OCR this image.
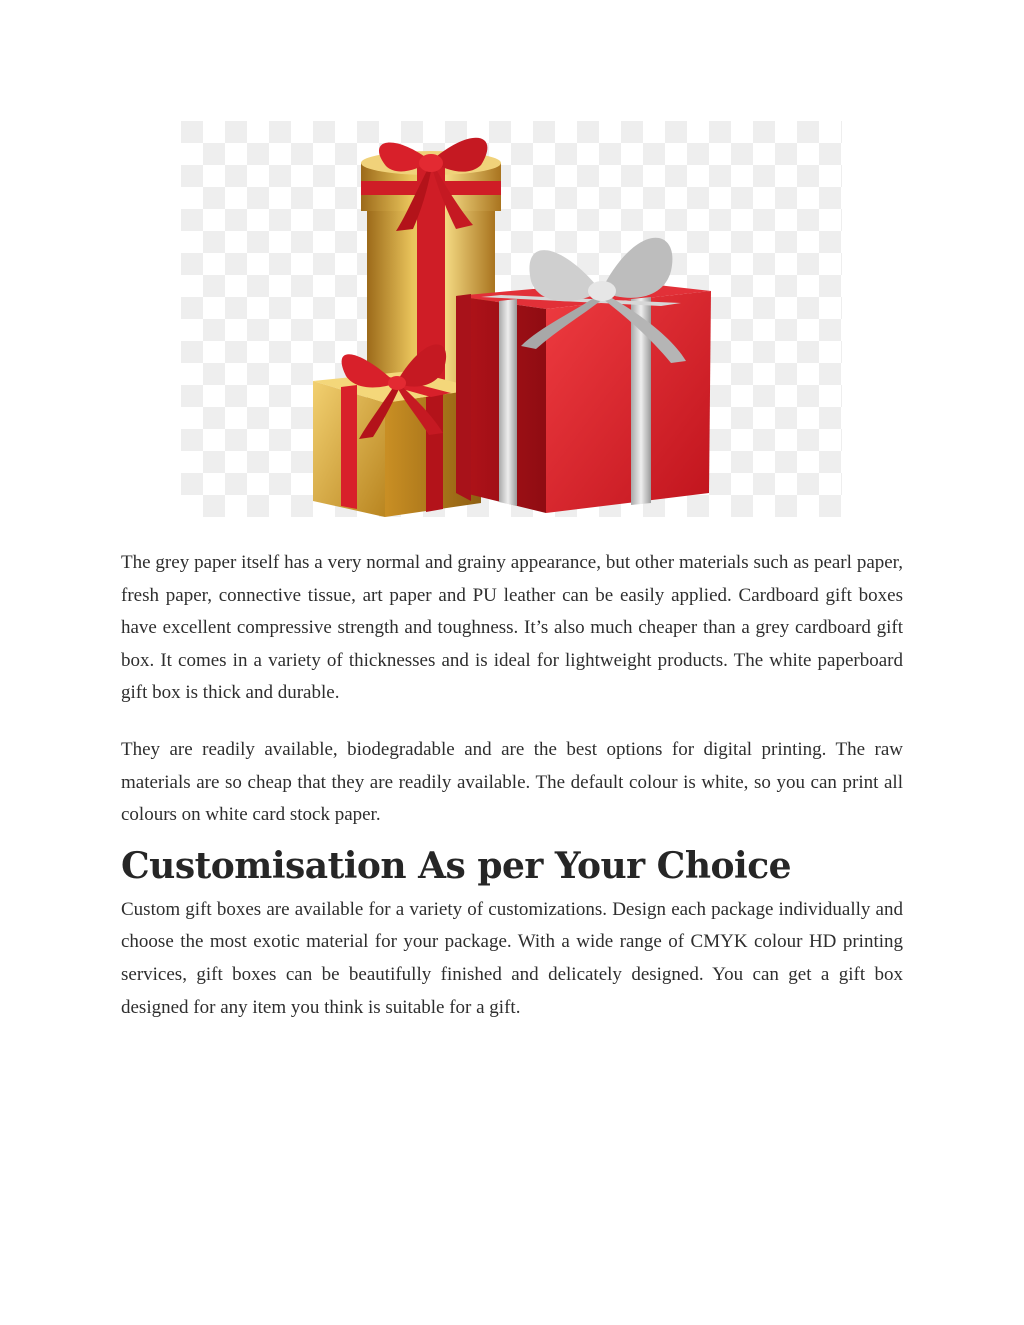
The grey paper itself has a very normal and grainy appearance, but other materials such as pearl paper, fresh paper, connective tissue, art paper and PU leather can be easily applied. Cardboard gift boxes have excellent compressive strength and toughness. It’s also much cheaper than a grey cardboard gift box. It comes in a variety of thicknesses and is ideal for lightweight products. The white paperboard gift box is thick and durable.

They are readily available, biodegradable and are the best options for digital printing. The raw materials are so cheap that they are readily available. The default colour is white, so you can print all colours on white card stock paper.

Customisation As per Your Choice

Custom gift boxes are available for a variety of customizations. Design each package individually and choose the most exotic material for your package. With a wide range of CMYK colour HD printing services, gift boxes can be beautifully finished and delicately designed. You can get a gift box designed for any item you think is suitable for a gift.
